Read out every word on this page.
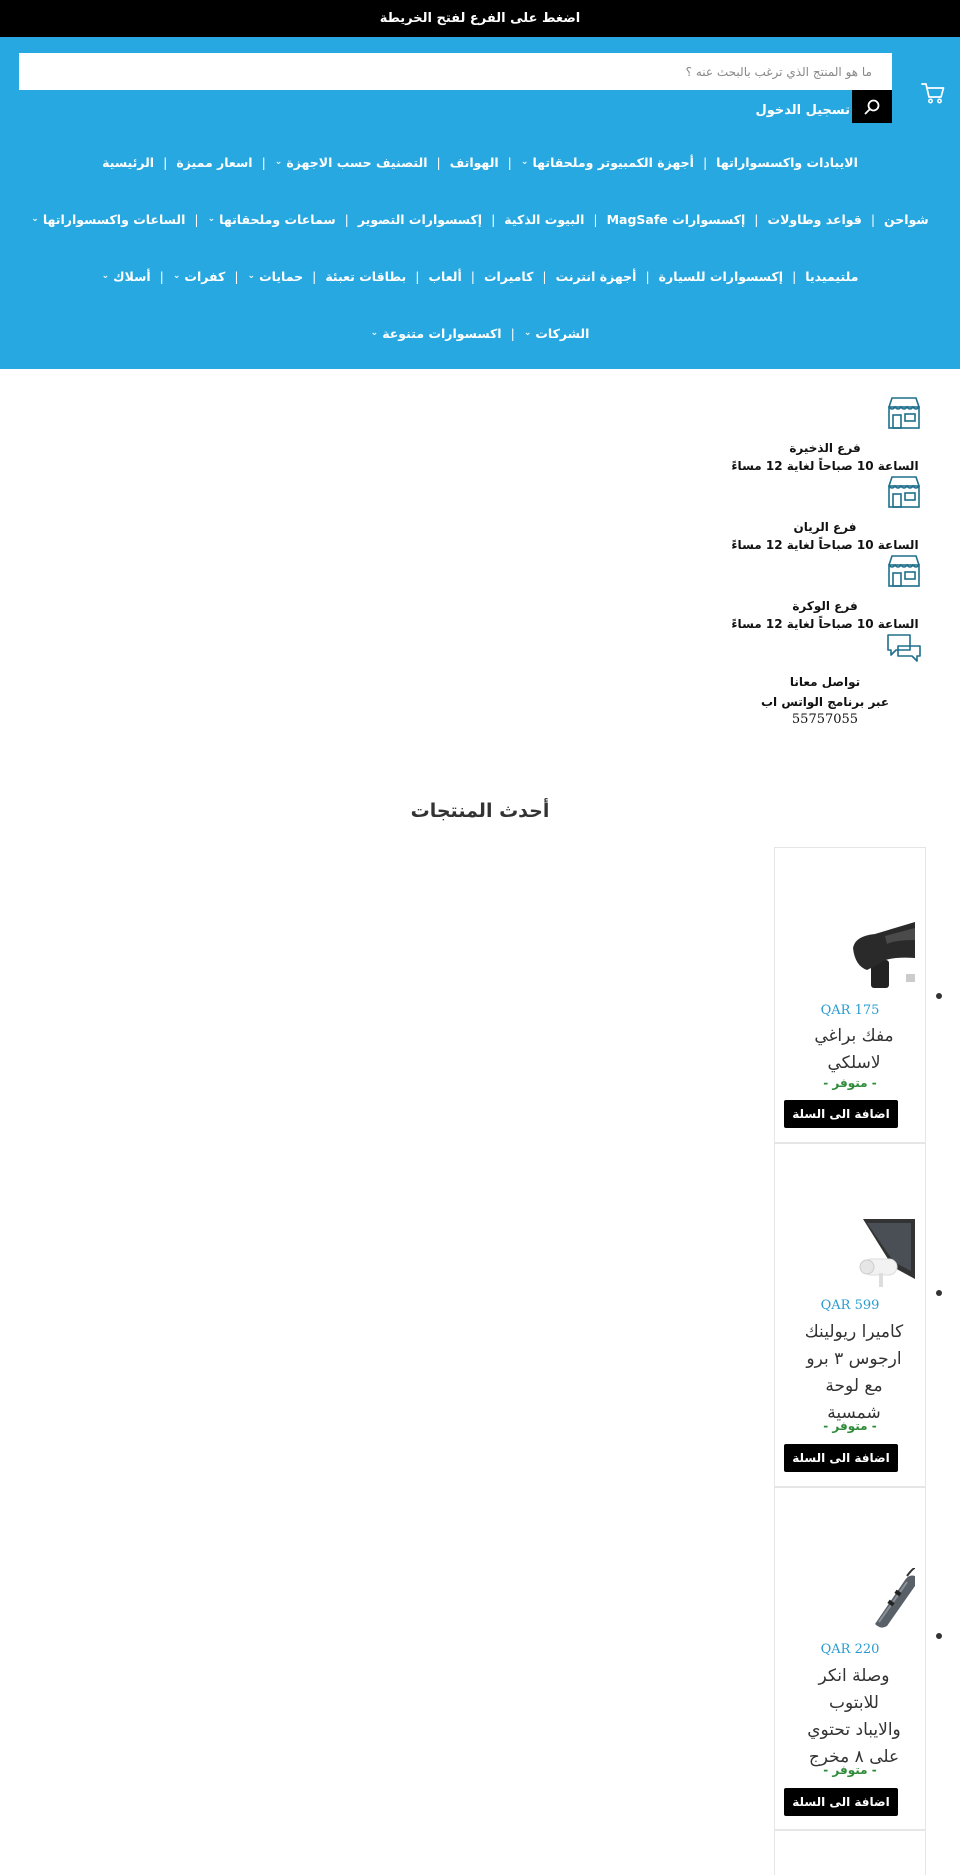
اضغط على الفرع لفتح الخريطة
ما هو المنتج الذي ترغب بالبحث عنه ؟
تسجيل الدخول
الرئيسية | اسعار مميزة | التصنيف حسب الاجهزة
⌄	| الهواتف | أجهزة الكمبيوتر وملحقاتها
⌄	| الايبادات واكسسواراتها
الساعات واكسسواراتها
⌄	| سماعات وملحقاتها
⌄	| إكسسوارات التصوير | البيوت الذكية | إكسسوارات MagSafe | قواعد وطاولات | شواحن
أسلاك
⌄	| كفرات
⌄	| حمايات
⌄	| بطاقات تعبئة | ألعاب | كاميرات | أجهزة انترنت | إكسسوارات للسيارة | ملتيميديا
اكسسوارات متنوعة
⌄	| الشركات
⌄
فرع الذخيرة
الساعة 10 صباحاً لغاية 12 مساءً
فرع الريان
الساعة 10 صباحاً لغاية 12 مساءً
فرع الوكرة
الساعة 10 صباحاً لغاية 12 مساءً
تواصل معانا
عبر برنامج الواتس اب
55757055
أحدث المنتجات
QAR 175
مفك براغي
لاسلكي
- متوفر -
اضافة الى السلة
QAR 599
كاميرا ريولينك
ارجوس ٣ برو
مع لوحة
شمسية
- متوفر -
اضافة الى السلة
QAR 220
وصلة انكر
للابتوب
والايباد تحتوي
على ٨ مخرج
- متوفر -
اضافة الى السلة
